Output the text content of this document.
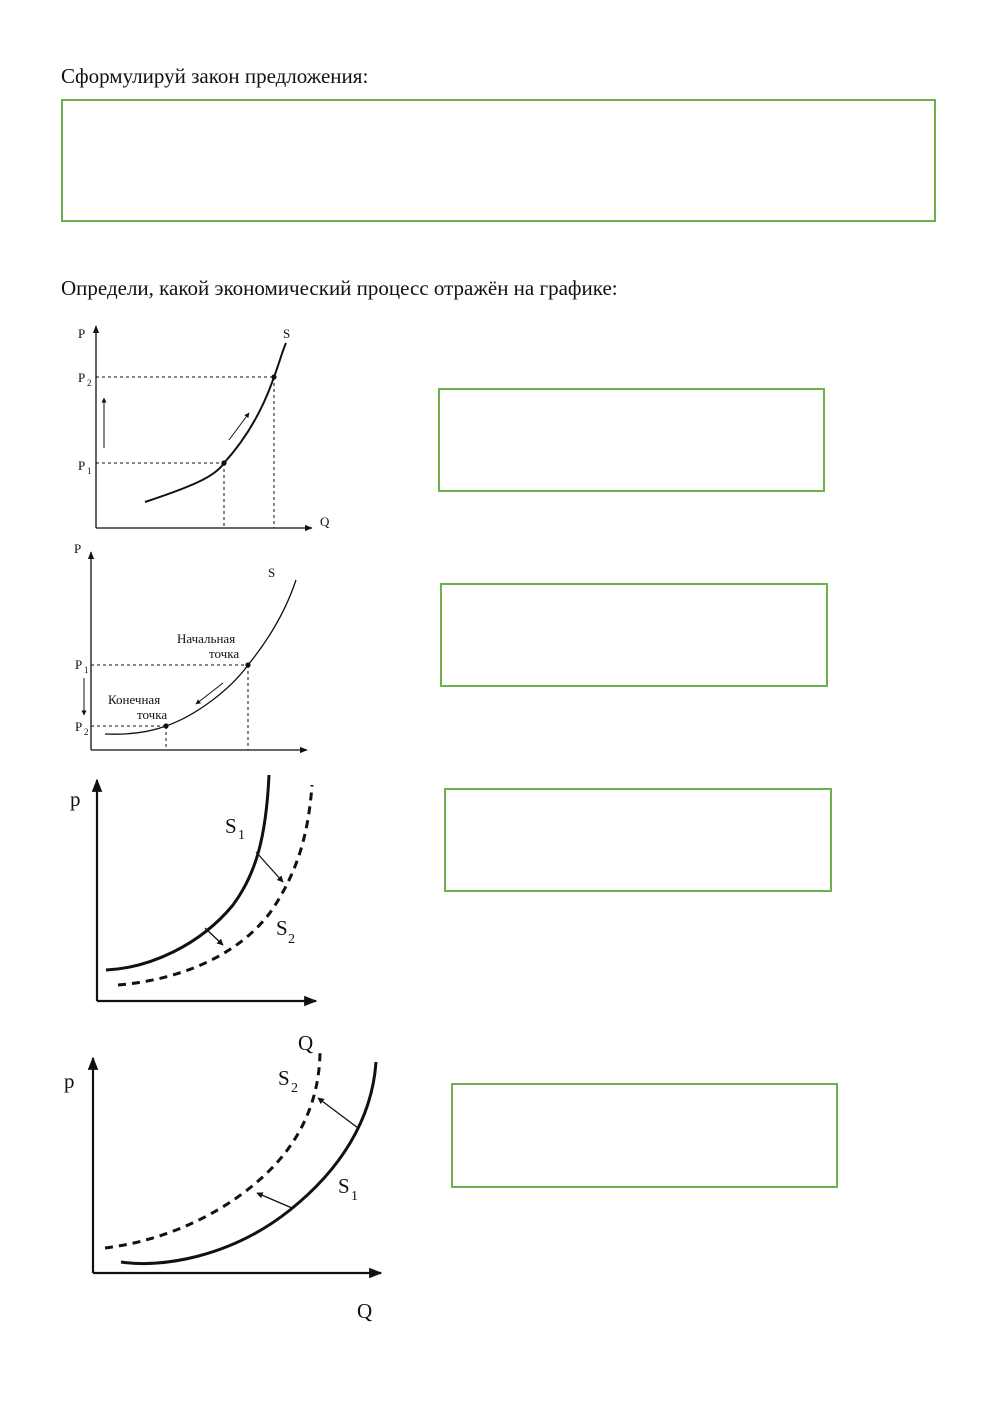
Сформулируй закон предложения:
Определи, какой экономический процесс отражён на графике:
P	S
Q
P 2
P 1
P
S
Начальная
точка
Конечная
точка
P 1
P 2
p
S 1
S 2
p
Q
S 2
S 1
Q
